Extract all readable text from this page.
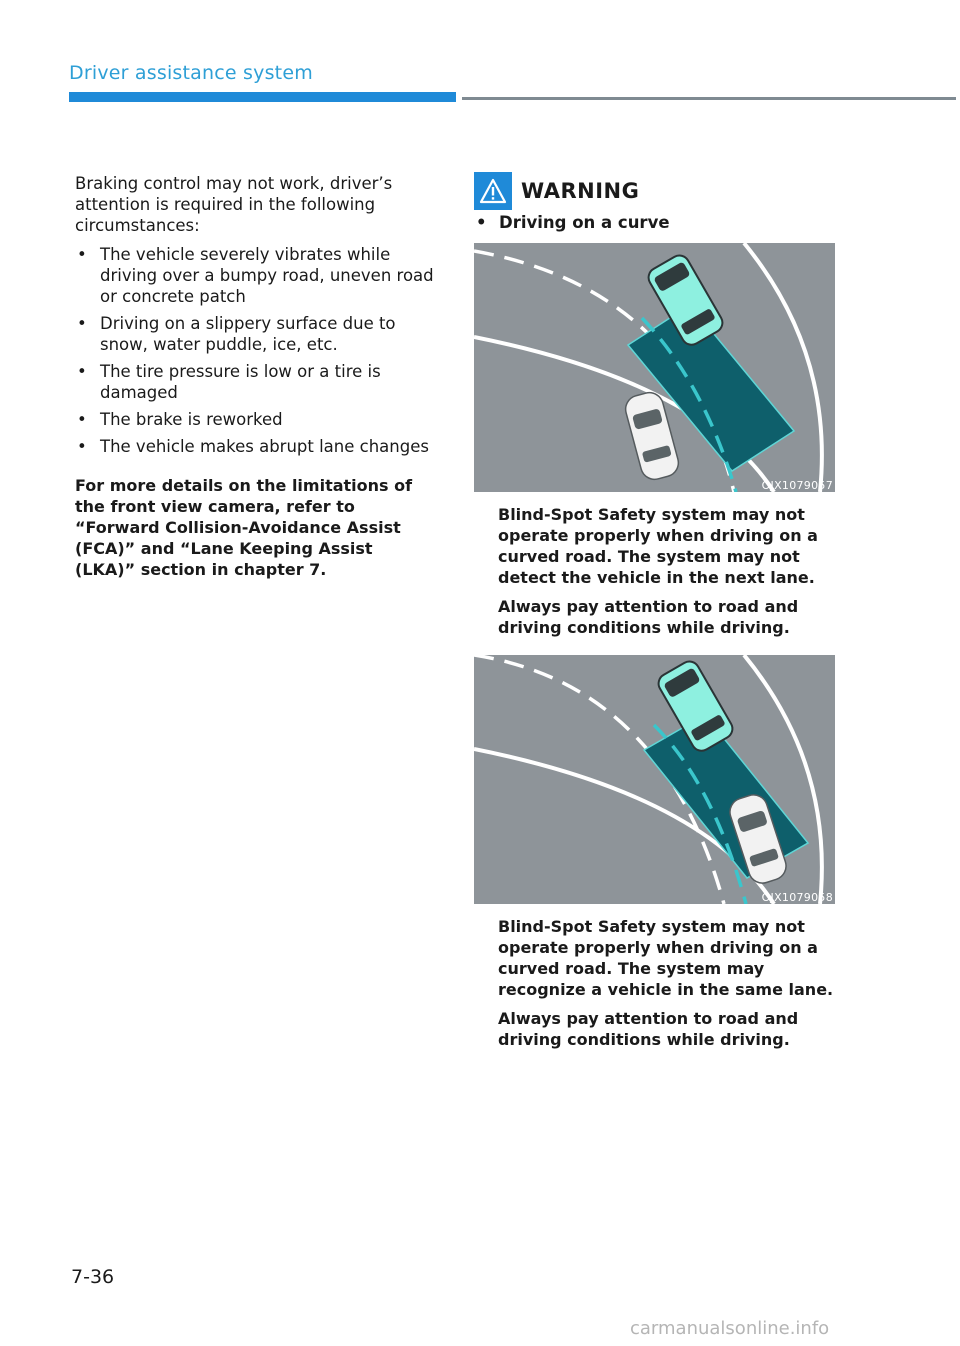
Driver assistance system

Braking control may not work, driver’s attention is required in the following circumstances:

• The vehicle severely vibrates while driving over a bumpy road, uneven road or concrete patch
• Driving on a slippery surface due to snow, water puddle, ice, etc.
• The tire pressure is low or a tire is damaged
• The brake is reworked
• The vehicle makes abrupt lane changes

For more details on the limitations of the front view camera, refer to “Forward Collision-Avoidance Assist (FCA)” and “Lane Keeping Assist (LKA)” section in chapter 7.

WARNING
• Driving on a curve
OJX1079057

Blind-Spot Safety system may not operate properly when driving on a curved road. The system may not detect the vehicle in the next lane.

Always pay attention to road and driving conditions while driving.

OJX1079058

Blind-Spot Safety system may not operate properly when driving on a curved road. The system may recognize a vehicle in the same lane.

Always pay attention to road and driving conditions while driving.

7-36
carmanualsonline.info
